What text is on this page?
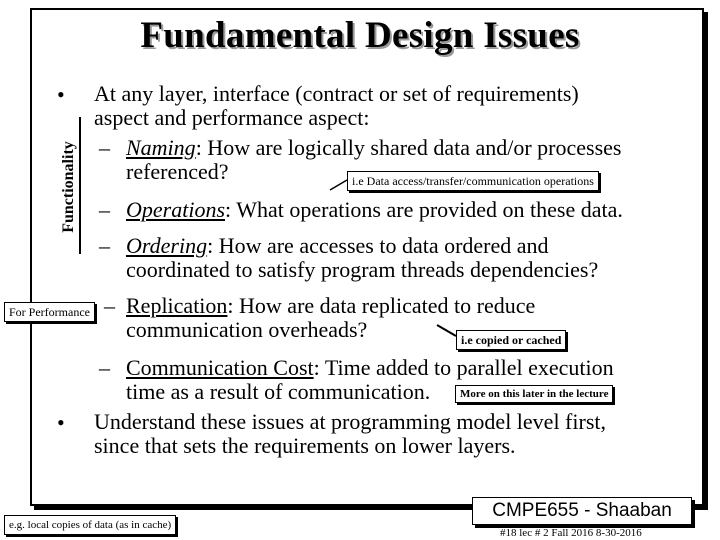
Fundamental Design Issues
Functionality
• At any layer, interface (contract or set of requirements)
aspect and performance aspect:
– Naming: How are logically shared data and/or processes
referenced?	i.e Data access/transfer/communication operations
– Operations: What operations are provided on these data.
– Ordering: How are accesses to data ordered and
coordinated to satisfy program threads dependencies?
For Performance – Replication: How are data replicated to reduce
communication overheads?	i.e copied or cached
– Communication Cost: Time added to parallel execution
time as a result of communication.	More on this later in the lecture
• Understand these issues at programming model level first,
since that sets the requirements on lower layers.
e.g. local copies of data (as in cache)
CMPE655 - Shaaban
#18 lec # 2 Fall 2016 8-30-2016
